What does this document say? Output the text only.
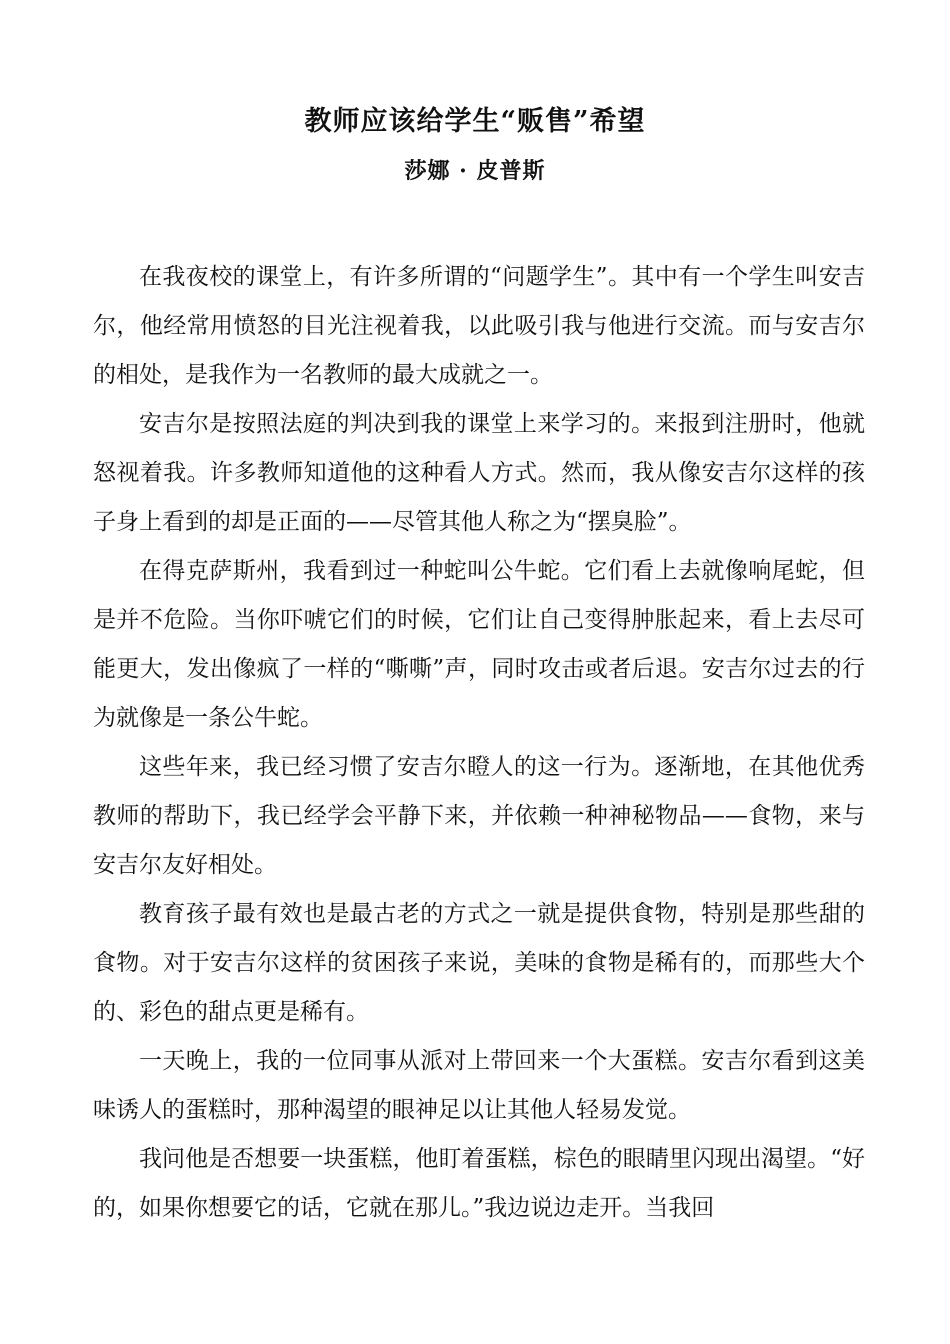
教师应该给学生“贩售”希望
莎娜 · 皮普斯

在我夜校的课堂上，有许多所谓的“问题学生”。其中有一个学生叫安吉尔，他经常用愤怒的目光注视着我，以此吸引我与他进行交流。而与安吉尔的相处，是我作为一名教师的最大成就之一。

安吉尔是按照法庭的判决到我的课堂上来学习的。来报到注册时，他就怒视着我。许多教师知道他的这种看人方式。然而，我从像安吉尔这样的孩子身上看到的却是正面的——尽管其他人称之为“摆臭脸”。

在得克萨斯州，我看到过一种蛇叫公牛蛇。它们看上去就像响尾蛇，但是并不危险。当你吓唬它们的时候，它们让自己变得肿胀起来，看上去尽可能更大，发出像疯了一样的“嘶嘶”声，同时攻击或者后退。安吉尔过去的行为就像是一条公牛蛇。

这些年来，我已经习惯了安吉尔瞪人的这一行为。逐渐地，在其他优秀教师的帮助下，我已经学会平静下来，并依赖一种神秘物品——食物，来与安吉尔友好相处。

教育孩子最有效也是最古老的方式之一就是提供食物，特别是那些甜的食物。对于安吉尔这样的贫困孩子来说，美味的食物是稀有的，而那些大个的、彩色的甜点更是稀有。

一天晚上，我的一位同事从派对上带回来一个大蛋糕。安吉尔看到这美味诱人的蛋糕时，那种渴望的眼神足以让其他人轻易发觉。

我问他是否想要一块蛋糕，他盯着蛋糕，棕色的眼睛里闪现出渴望。“好的，如果你想要它的话，它就在那儿。”我边说边走开。当我回
